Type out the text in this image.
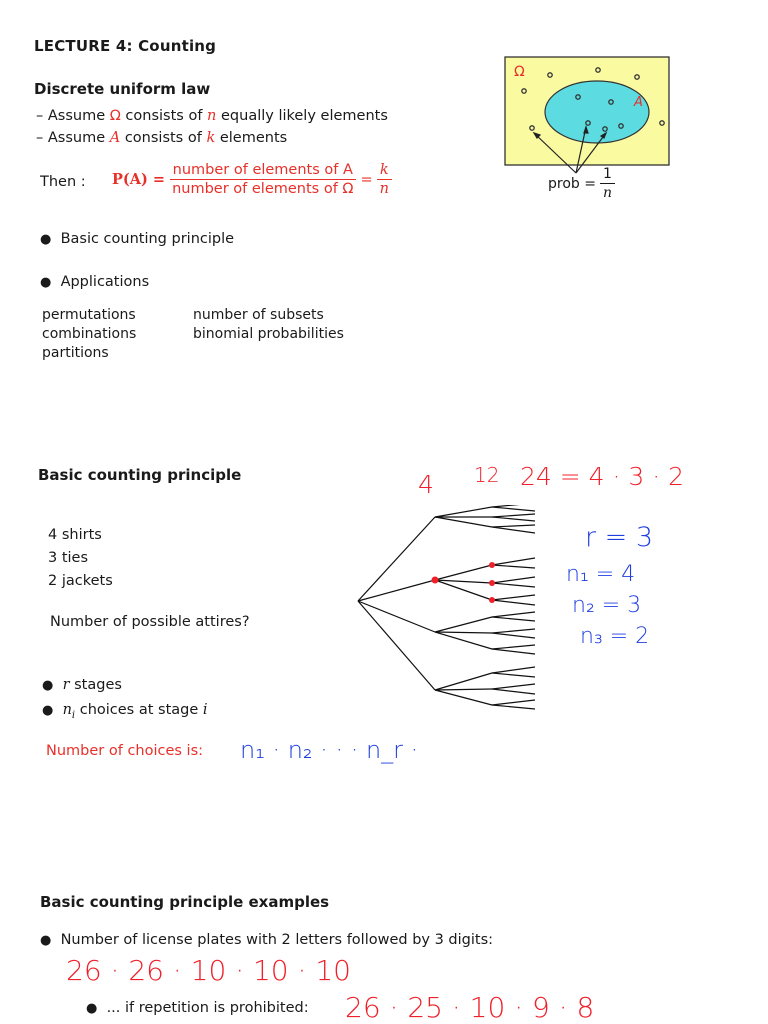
LECTURE 4: Counting
Discrete uniform law
– Assume Ω consists of n equally likely elements
– Assume A consists of k elements
Then : $P(A) = \frac{\text{number of elements of A}}{\text{number of elements of Ω}} = \frac{k}{n}$
Ω
A
prob = $\frac{1}{n}$
● Basic counting principle
● Applications
permutations
combinations
partitions
number of subsets
binomial probabilities
Basic counting principle
4 shirts
3 ties
2 jackets
Number of possible attires?
● r stages
● $n_i$ choices at stage i
Number of choices is:
4 12 24 = 4 · 3 · 2
r = 3
n₁ = 4
n₂ = 3
n₃ = 2
n₁ · n₂ · · · n_r ·
Basic counting principle examples
● Number of license plates with 2 letters followed by 3 digits:
26 · 26 · 10 · 10 · 10
● ... if repetition is prohibited: 26 · 25 · 10 · 9 · 8
